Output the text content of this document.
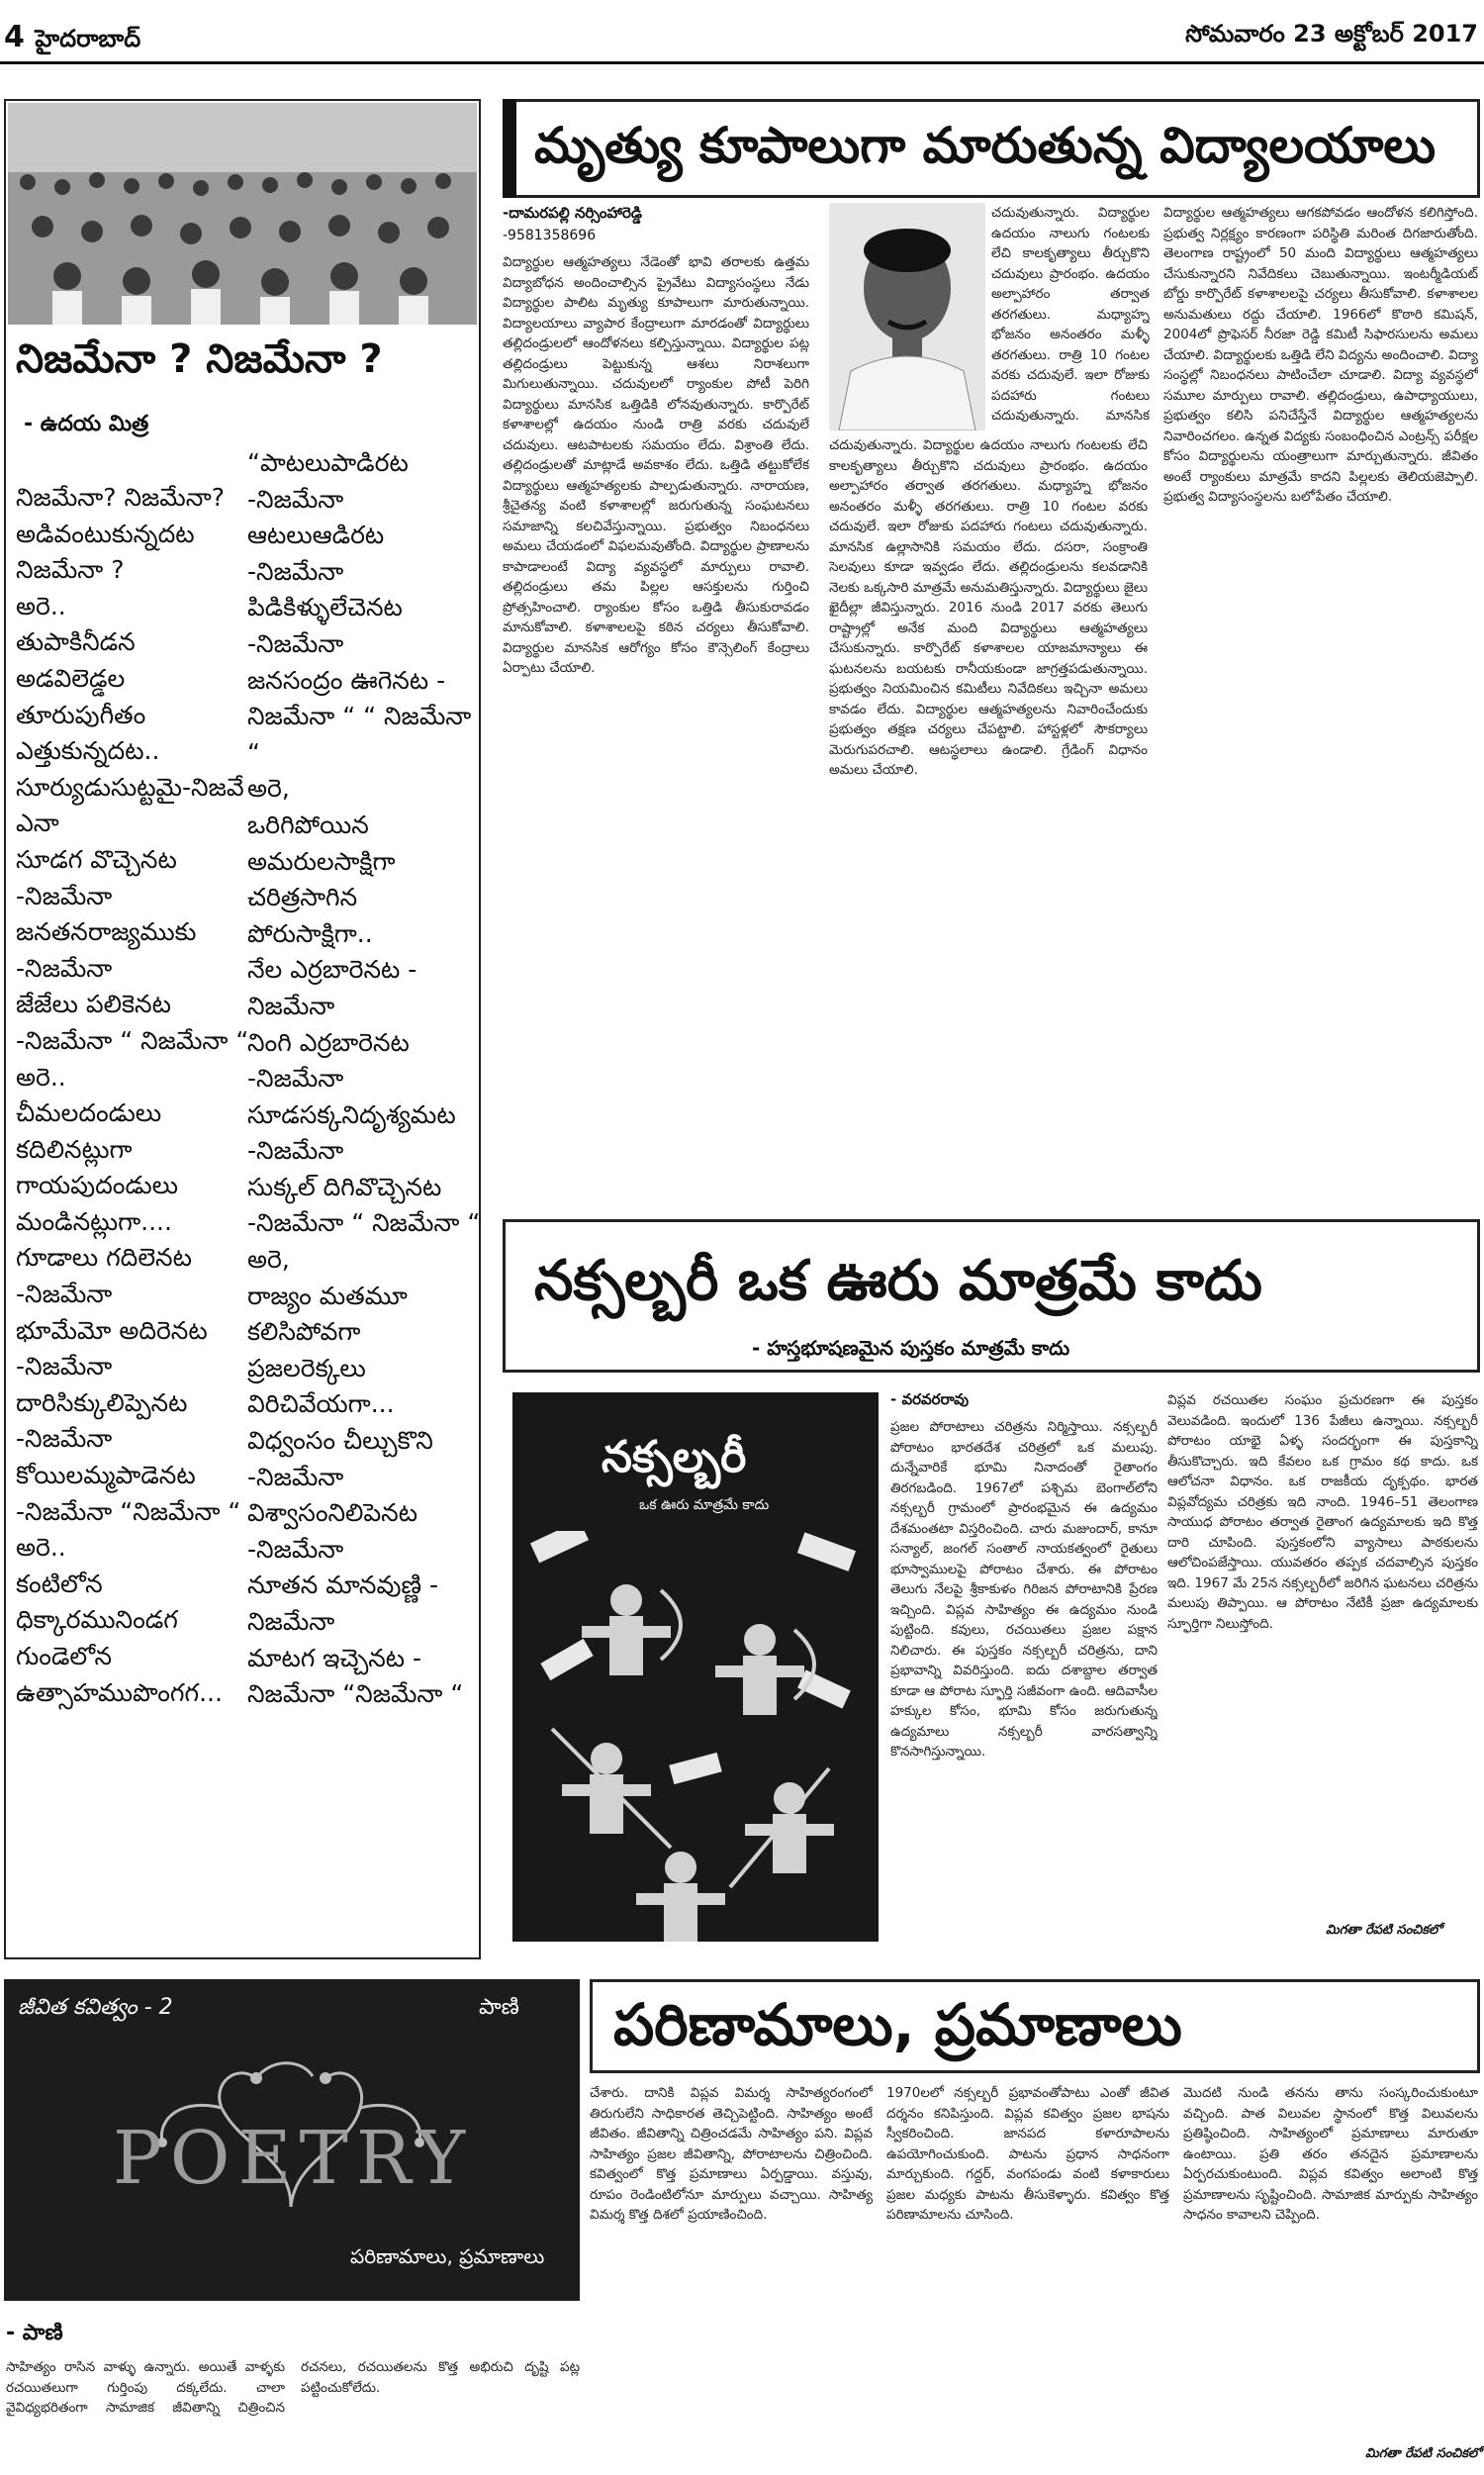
4 హైదరాబాద్	సోమవారం 23 అక్టోబర్ 2017
నిజమేనా ? నిజమేనా ?
- ఉదయ మిత్ర
నిజమేనా? నిజమేనా?
అడివంటుకున్నదట
నిజమేనా ?
అరె..
తుపాకినీడన
అడవిలెడ్డల
తూరుపుగీతం
ఎత్తుకున్నదట..
సూర్యుడుసుట్టమై-నిజవే
ఎనా
సూడగ వొచ్చెనట
-నిజమేనా
జనతనరాజ్యముకు
-నిజమేనా
జేజేలు పలికెనట
-నిజమేనా “ నిజమేనా “
అరె..
చీమలదండులు
కదిలినట్లుగా
గాయపుదండులు
మండినట్లుగా....
గూడాలు గదిలెనట
-నిజమేనా
భూమేమో అదిరెనట
-నిజమేనా
దారిసిక్కులిప్పెనట
-నిజమేనా
కోయిలమ్మపాడెనట
-నిజమేనా “నిజమేనా “
అరె..
కంటిలోన
ధిక్కారమునిండగ
గుండెలోన
ఉత్సాహముపొంగగ...
“పాటలుపాడిరట
-నిజమేనా
ఆటలుఆడిరట
-నిజమేనా
పిడికిళ్ళులేచెనట
-నిజమేనా
జనసంద్రం ఊగెనట -
నిజమేనా “ “ నిజమేనా
“
అరె,
ఒరిగిపోయిన
అమరులసాక్షిగా
చరిత్రసాగిన
పోరుసాక్షిగా..
నేల ఎర్రబారెనట -
నిజమేనా
నింగి ఎర్రబారెనట
-నిజమేనా
సూడసక్కనిదృశ్యమట
-నిజమేనా
సుక్కల్ దిగివొచ్చెనట
-నిజమేనా “ నిజమేనా “
అరె,
రాజ్యం మతమూ
కలిసిపోవగా
ప్రజలరెక్కలు
విరిచివేయగా...
విధ్వంసం చీల్చుకొని
-నిజమేనా
విశ్వాసంనిలిపెనట
-నిజమేనా
నూతన మానవుణ్ణి -
నిజమేనా
మాటగ ఇచ్చెనట -
నిజమేనా “నిజమేనా “
మృత్యు కూపాలుగా మారుతున్న విద్యాలయాలు
-దామరపల్లి నర్సింహారెడ్డి
-9581358696
విద్యార్థుల ఆత్మహత్యలు నేడెంతో భావి తరాలకు ఉత్తమ విద్యాబోధన అందించాల్సిన ప్రైవేటు విద్యాసంస్థలు నేడు విద్యార్థుల పాలిట మృత్యు కూపాలుగా మారుతున్నాయి. విద్యాలయాలు వ్యాపార కేంద్రాలుగా మారడంతో విద్యార్థులు తల్లిదండ్రులలో ఆందోళనలు కల్పిస్తున్నాయి. విద్యార్థుల పట్ల తల్లిదండ్రులు పెట్టుకున్న ఆశలు నిరాశలుగా మిగులుతున్నాయి. చదువులలో ర్యాంకుల పోటీ పెరిగి విద్యార్థులు మానసిక ఒత్తిడికి లోనవుతున్నారు. కార్పొరేట్ కళాశాలల్లో ఉదయం నుండి రాత్రి వరకు చదువులే చదువులు. ఆటపాటలకు సమయం లేదు. విశ్రాంతి లేదు. తల్లిదండ్రులతో మాట్లాడే అవకాశం లేదు. ఒత్తిడి తట్టుకోలేక విద్యార్థులు ఆత్మహత్యలకు పాల్పడుతున్నారు. నారాయణ, శ్రీచైతన్య వంటి కళాశాలల్లో జరుగుతున్న సంఘటనలు సమాజాన్ని కలచివేస్తున్నాయి. ప్రభుత్వం నిబంధనలు అమలు చేయడంలో విఫలమవుతోంది. విద్యార్థుల ప్రాణాలను కాపాడాలంటే విద్యా వ్యవస్థలో మార్పులు రావాలి. తల్లిదండ్రులు తమ పిల్లల ఆసక్తులను గుర్తించి ప్రోత్సహించాలి. ర్యాంకుల కోసం ఒత్తిడి తీసుకురావడం మానుకోవాలి. కళాశాలలపై కఠిన చర్యలు తీసుకోవాలి. విద్యార్థుల మానసిక ఆరోగ్యం కోసం కౌన్సెలింగ్ కేంద్రాలు ఏర్పాటు చేయాలి.
చదువుతున్నారు. విద్యార్థుల ఉదయం నాలుగు గంటలకు లేచి కాలకృత్యాలు తీర్చుకొని చదువులు ప్రారంభం. ఉదయం అల్పాహారం తర్వాత తరగతులు. మధ్యాహ్న భోజనం అనంతరం మళ్ళీ తరగతులు. రాత్రి 10 గంటల వరకు చదువులే. ఇలా రోజుకు పదహారు గంటలు చదువుతున్నారు. మానసిక ఉల్లాసానికి సమయం లేదు. దసరా, సంక్రాంతి సెలవులు కూడా ఇవ్వడం లేదు. తల్లిదండ్రులను కలవడానికి నెలకు ఒక్కసారి మాత్రమే అనుమతిస్తున్నారు. విద్యార్థులు జైలు ఖైదీల్లా జీవిస్తున్నారు. 2016 నుండి 2017 వరకు తెలుగు రాష్ట్రాల్లో అనేక మంది విద్యార్థులు ఆత్మహత్యలు చేసుకున్నారు. కార్పొరేట్ కళాశాలల యాజమాన్యాలు ఈ ఘటనలను బయటకు రానీయకుండా జాగ్రత్తపడుతున్నాయి. ప్రభుత్వం నియమించిన కమిటీలు నివేదికలు ఇచ్చినా అమలు కావడం లేదు. విద్యార్థుల ఆత్మహత్యలను నివారించేందుకు ప్రభుత్వం తక్షణ చర్యలు చేపట్టాలి. హాస్టళ్లలో సౌకర్యాలు మెరుగుపరచాలి. ఆటస్థలాలు ఉండాలి. గ్రేడింగ్ విధానం అమలు చేయాలి.
చదువుతున్నారు. విద్యార్థుల ఉదయం నాలుగు గంటలకు లేచి కాలకృత్యాలు తీర్చుకొని చదువులు ప్రారంభం. ఉదయం అల్పాహారం తర్వాత తరగతులు. మధ్యాహ్న భోజనం అనంతరం మళ్ళీ తరగతులు. రాత్రి 10 గంటల వరకు చదువులే. ఇలా రోజుకు పదహారు గంటలు చదువుతున్నారు. మానసిక
విద్యార్థుల ఆత్మహత్యలు ఆగకపోవడం ఆందోళన కలిగిస్తోంది. ప్రభుత్వ నిర్లక్ష్యం కారణంగా పరిస్థితి మరింత దిగజారుతోంది. తెలంగాణ రాష్ట్రంలో 50 మంది విద్యార్థులు ఆత్మహత్యలు చేసుకున్నారని నివేదికలు చెబుతున్నాయి. ఇంటర్మీడియట్ బోర్డు కార్పొరేట్ కళాశాలలపై చర్యలు తీసుకోవాలి. కళాశాలల అనుమతులు రద్దు చేయాలి. 1966లో కొఠారి కమిషన్, 2004లో ప్రొఫెసర్ నీరజా రెడ్డి కమిటీ సిఫారసులను అమలు చేయాలి. విద్యార్థులకు ఒత్తిడి లేని విద్యను అందించాలి. విద్యా సంస్థల్లో నిబంధనలు పాటించేలా చూడాలి. విద్యా వ్యవస్థలో సమూల మార్పులు రావాలి. తల్లిదండ్రులు, ఉపాధ్యాయులు, ప్రభుత్వం కలిసి పనిచేస్తేనే విద్యార్థుల ఆత్మహత్యలను నివారించగలం. ఉన్నత విద్యకు సంబంధించిన ఎంట్రన్స్ పరీక్షల కోసం విద్యార్థులను యంత్రాలుగా మార్చుతున్నారు. జీవితం అంటే ర్యాంకులు మాత్రమే కాదని పిల్లలకు తెలియజెప్పాలి. ప్రభుత్వ విద్యాసంస్థలను బలోపేతం చేయాలి.
నక్సల్బరీ ఒక ఊరు మాత్రమే కాదు
- హస్తభూషణమైన పుస్తకం మాత్రమే కాదు
నక్సల్బరీ
ఒక ఊరు మాత్రమే కాదు
- వరవరరావు
ప్రజల పోరాటాలు చరిత్రను నిర్మిస్తాయి. నక్సల్బరీ పోరాటం భారతదేశ చరిత్రలో ఒక మలుపు. దున్నేవారికే భూమి నినాదంతో రైతాంగం తిరగబడింది. 1967లో పశ్చిమ బెంగాల్‌లోని నక్సల్బరీ గ్రామంలో ప్రారంభమైన ఈ ఉద్యమం దేశమంతటా విస్తరించింది. చారు మజుందార్, కానూ సన్యాల్, జంగల్ సంతాల్ నాయకత్వంలో రైతులు భూస్వాములపై పోరాటం చేశారు. ఈ పోరాటం తెలుగు నేలపై శ్రీకాకుళం గిరిజన పోరాటానికి ప్రేరణ ఇచ్చింది. విప్లవ సాహిత్యం ఈ ఉద్యమం నుండి పుట్టింది. కవులు, రచయితలు ప్రజల పక్షాన నిలిచారు. ఈ పుస్తకం నక్సల్బరీ చరిత్రను, దాని ప్రభావాన్ని వివరిస్తుంది. ఐదు దశాబ్దాల తర్వాత కూడా ఆ పోరాట స్ఫూర్తి సజీవంగా ఉంది. ఆదివాసీల హక్కుల కోసం, భూమి కోసం జరుగుతున్న ఉద్యమాలు నక్సల్బరీ వారసత్వాన్ని కొనసాగిస్తున్నాయి.
విప్లవ రచయితల సంఘం ప్రచురణగా ఈ పుస్తకం వెలువడింది. ఇందులో 136 పేజీలు ఉన్నాయి. నక్సల్బరీ పోరాటం యాభై ఏళ్ళ సందర్భంగా ఈ పుస్తకాన్ని తీసుకొచ్చారు. ఇది కేవలం ఒక గ్రామం కథ కాదు. ఒక ఆలోచనా విధానం. ఒక రాజకీయ దృక్పథం. భారత విప్లవోద్యమ చరిత్రకు ఇది నాంది. 1946–51 తెలంగాణ సాయుధ పోరాటం తర్వాత రైతాంగ ఉద్యమాలకు ఇది కొత్త దారి చూపింది. పుస్తకంలోని వ్యాసాలు పాఠకులను ఆలోచింపజేస్తాయి. యువతరం తప్పక చదవాల్సిన పుస్తకం ఇది. 1967 మే 25న నక్సల్బరీలో జరిగిన ఘటనలు చరిత్రను మలుపు తిప్పాయి. ఆ పోరాటం నేటికీ ప్రజా ఉద్యమాలకు స్ఫూర్తిగా నిలుస్తోంది.
మిగతా రేపటి సంచికలో
జీవిత కవిత్వం - 2	పాణి
POETRY
పరిణామాలు, ప్రమాణాలు
- పాణి
సాహిత్యం రాసిన వాళ్ళు ఉన్నారు. అయితే వాళ్ళకు రచయితలుగా గుర్తింపు దక్కలేదు. చాలా వైవిధ్యభరితంగా సామాజిక జీవితాన్ని చిత్రించిన రచనలు, రచయితలను కొత్త అభిరుచి దృష్టి పట్ల పట్టించుకోలేదు.
పరిణామాలు, ప్రమాణాలు
చేశారు. దానికి విప్లవ విమర్శ సాహిత్యరంగంలో తిరుగులేని సాధికారత తెచ్చిపెట్టింది. సాహిత్యం అంటే జీవితం. జీవితాన్ని చిత్రించడమే సాహిత్యం పని. విప్లవ సాహిత్యం ప్రజల జీవితాన్ని, పోరాటాలను చిత్రించింది. కవిత్వంలో కొత్త ప్రమాణాలు ఏర్పడ్డాయి. వస్తువు, రూపం రెండింటిలోనూ మార్పులు వచ్చాయి. సాహిత్య విమర్శ కొత్త దిశలో ప్రయాణించింది.
1970లలో నక్సల్బరీ ప్రభావంతోపాటు ఎంతో జీవిత దర్శనం కనిపిస్తుంది. విప్లవ కవిత్వం ప్రజల భాషను స్వీకరించింది. జానపద కళారూపాలను ఉపయోగించుకుంది. పాటను ప్రధాన సాధనంగా మార్చుకుంది. గద్దర్, వంగపండు వంటి కళాకారులు ప్రజల మధ్యకు పాటను తీసుకెళ్ళారు. కవిత్వం కొత్త పరిణామాలను చూసింది.
మొదటి నుండి తనను తాను సంస్కరించుకుంటూ వచ్చింది. పాత విలువల స్థానంలో కొత్త విలువలను ప్రతిష్ఠించింది. సాహిత్యంలో ప్రమాణాలు మారుతూ ఉంటాయి. ప్రతి తరం తనదైన ప్రమాణాలను ఏర్పరచుకుంటుంది. విప్లవ కవిత్వం అలాంటి కొత్త ప్రమాణాలను సృష్టించింది. సామాజిక మార్పుకు సాహిత్యం సాధనం కావాలని చెప్పింది.
మిగతా రేపటి సంచికలో
